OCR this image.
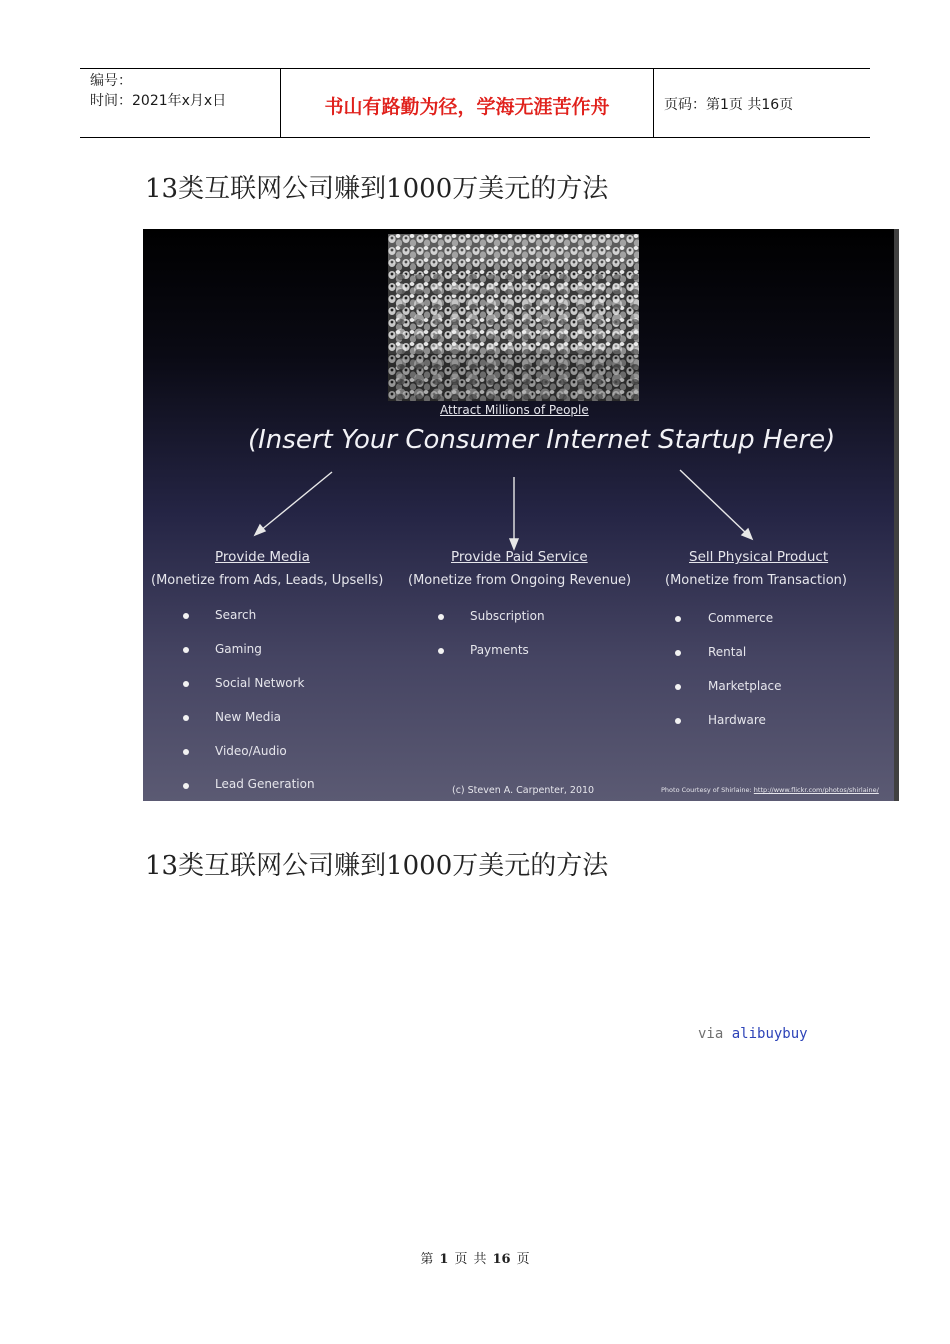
编号：
时间：2021年x月x日	书山有路勤为径，学海无涯苦作舟	页码：第1页 共16页
13类互联网公司赚到1000万美元的方法
Attract Millions of People
(Insert Your Consumer Internet Startup Here)
Provide Media
(Monetize from Ads, Leads, Upsells)
Search
Gaming
Social Network
New Media
Video/Audio
Lead Generation
Provide Paid Service
(Monetize from Ongoing Revenue)
Subscription
Payments
Sell Physical Product
(Monetize from Transaction)
Commerce
Rental
Marketplace
Hardware
(c) Steven A. Carpenter, 2010	Photo Courtesy of Shirlaine: http://www.flickr.com/photos/shirlaine/
13类互联网公司赚到1000万美元的方法
via alibuybuy
第 1 页 共 16 页
